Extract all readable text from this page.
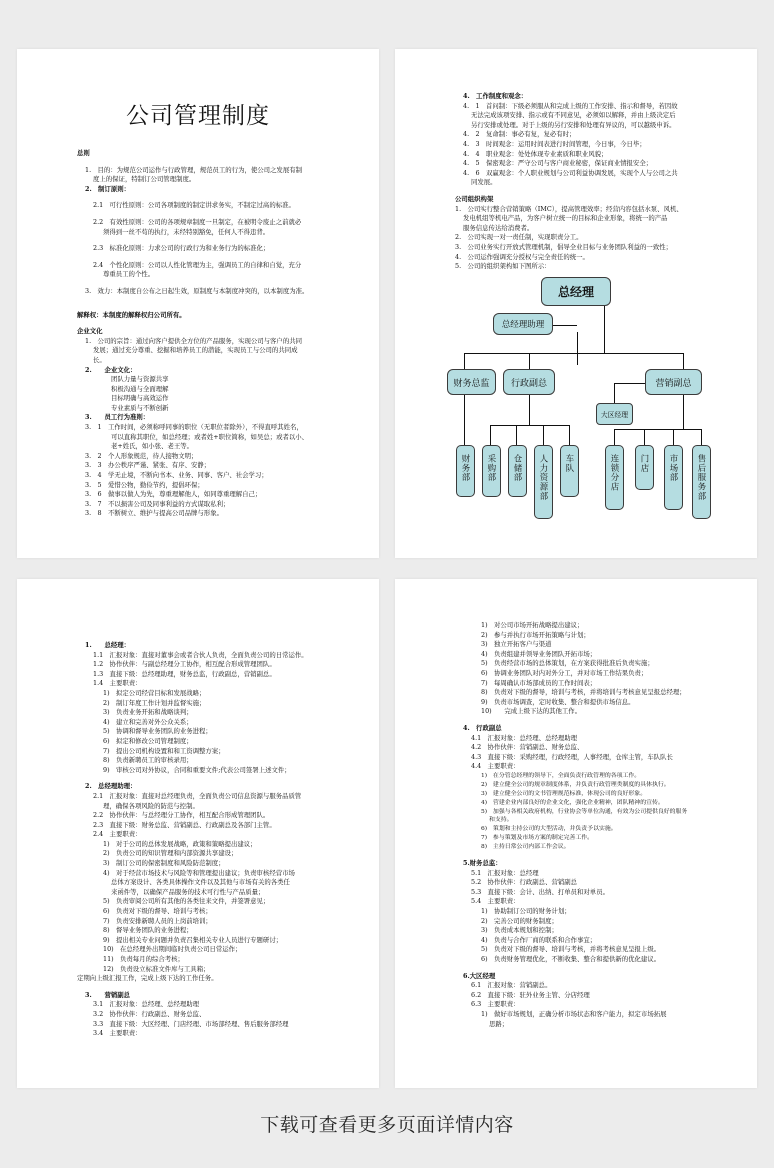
公司管理制度
总则
1.　目的：为规范公司运作与行政管理，规范员工的行为，使公司之发展有制
度上的保证，特制订公司管理制度。
2.　制订原则：
2.1　可行性原则：公司各项制度的制定讲求务实，不制定过高的标准。
2.2　有效性原则：公司的各项规章制度一旦制定，在被明令废止之前就必
须得到一丝不苟的执行，未经特别豁免，任何人不得违背。
2.3　标准化原则：力求公司的行政行为和业务行为的标准化；
2.4　个性化原则：公司以人性化管理为主，强调员工的自律和自觉，充分
尊重员工的个性。
3.　效力：本制度自公布之日起生效，原制度与本制度冲突的，以本制度为准。
解释权：本制度的解释权归公司所有。
企业文化
1.　公司的宗旨：通过向客户提供全方位的产品服务，实现公司与客户的共同
发展；通过充分尊重、挖掘和培养员工的潜能，实现员工与公司的共同成
长。
2.　　企业文化：
团队力量与资源共享
积极沟通与全面理解
目标明确与高效运作
专业素质与不断创新
3.　　员工行为准则：
3.　1　工作时间，必须称呼同事的职位（无职位者除外），不得直呼其姓名，
可以直称其职位，如总经理；或者姓+职位简称，如吴总；或者以小、
老+姓氏，如小张、老王等。
3.　2　个人形象规范，待人接物文明；
3.　3　办公秩序严谨、紧张、有序、安静；
3.　4　学无止境，不断向书本、业务、同事、客户、社会学习；
3.　5　爱惜公物，勤俭节约，提倡环保；
3.　6　做事以做人为先，尊重理解他人，如同尊重理解自己；
3.　7　不以损害公司及同事利益的方式谋取私利；
3.　8　不断树立、维护与提高公司品牌与形象。
4.　工作制度和观念：
4.　1　首问制：下级必须服从和完成上级的工作安排、指示和督导，若因故
无法完成该项安排、指示或有不同意见，必须如以解释，并由上级决定后
另行安排或处理。对于上级的另行安排和处理有异议的，可以越级申诉。
4.　2　复命制：事必有复，复必有时；
4.　3　时间观念：运用时间表进行时间管理，今日事，今日毕；
4.　4　职业观念：处处体现专业素质和职业风貌；
4.　5　保密观念：严守公司与客户商业秘密，保证商业情报安全；
4.　6　双赢观念：个人职业规划与公司利益协调发展，实现个人与公司之共
同发展。
公司组织构架
1.　公司实行整合营销策略（IMC），提高管理效率；经营内容包括水泵、风机、
发电机组等机电产品，为客户树立统一的目标和企业形象，将统一的产品
服务信息传达给消费者。
2.　公司实现一对一责任制，实现职责分工。
3.　公司业务实行开放式管理机制，倡导全业目标与业务团队利益的一致性；
4.　公司运作强调充分授权与完全责任的统一。
5.　公司的组织架构如下图所示：
总经理
总经理助理
财务总监	行政副总	营销副总
大区经理
财务部	采购部	仓储部	人力资源部	车队	连锁分店	门店	市场部	售后服务部
1.　　总经理：
1.1　汇报对象：直接对董事会或者合伙人负责，全面负责公司的日常运作。
1.2　协作伙伴：与副总经理分工协作，相互配合形成管理团队。
1.3　直接下级：总经理助理，财务总监，行政副总，营销副总。
1.4　主要职责：
1)　拟定公司经营目标和发展战略；
2)　制订年度工作计划并监督实施；
3)　负责业务开拓和战略谈判；
4)　建立和完善对外公众关系；
5)　协调和督导业务团队的业务进程；
6)　拟定和修改公司管理制度；
7)　提出公司机构设置和和工资调整方案；
8)　负责新聘员工的审核录用；
9)　审核公司对外协议，合同和重要文件;代表公司签署上述文件；
2.　总经理助理：
2.1　汇报对象：直接对总经理负责，全面负责公司信息资源与服务品质管
理，确保各项风险的防范与控制。
2.2　协作伙伴：与总经理分工协作，相互配合形成管理团队。
2.3　直接下级：财务总监、营销副总、行政副总及各部门主管。
2.4　主要职责：
1)　对于公司的总体发展战略，政策和策略提出建议；
2)　负责公司的知识管理和内部资源共享建设；
3)　制订公司的保密制度和风险防范制度；
4)　对于经营市场技术与风险等和管理提出建议；负责审核经营市场
总体方案设计、各类具体操作文件以及其他与市场有关的各类任
来函件等，以确保产品服务的技术可行性与产品质量；
5)　负责审阅公司所有其他的各类往来文件，并签署意见；
6)　负责对下级的督导、培训与考核；
7)　负责安排新聘人员的上岗前培训；
8)　督导业务团队的业务进程；
9)　提出相关专业问题并负责召集相关专业人员进行专题研讨；
10)　在总经理外出期间临时负责公司日常运作；
11)　负责每月的综合考核；
12)　负责设立标准文件库与工具箱；
定期向上级汇报工作，完成上级下达的工作任务。
3.　　营销副总
3.1　汇报对象：总经理、总经理助理
3.2　协作伙伴：行政副总、财务总监、
3.3　直接下级：大区经理、门店经理、市场部经理、售后服务部经理
3.4　主要职责：
1)　对公司市场开拓战略提出建议；
2)　参与并执行市场开拓策略与计划；
3)　独立开拓客户与渠道
4)　负责组建并领导业务团队开拓市场；
5)　负责经营市场的总体策划，在方案获得批准后负责实施；
6)　协调业务团队对内对外分工，并对市场工作结果负责；
7)　每周确认市场部成员的工作时间表；
8)　负责对下级的督导，培训与考核，并将培训与考核意见呈报总经理；
9)　负责市场调查，定时收集、整合和提供市场信息。
10)　　完成上级下达的其他工作。
4.　行政副总
4.1　汇报对象：总经理、总经理助理
4.2　协作伙伴：营销副总、财务总监、
4.3　直接下级：采购经理，行政经理，人事经理，仓库主管，车队队长
4.4　主要职责：
1)　在分管总经理的领导下，全面负责行政管理的各项工作。
2)　建立健全公司的规章制度体系，并负责行政管理类制度的具体执行。
3)　建立健全公司的文书管理规范标准，体现公司的良好形象。
4)　营建企业内部良好的企业文化，强化企业精神，团队精神的宣传。
5)　加强与各相关政府机构，行业协会等单位沟通，有效为公司提供良好的服务
和支持。
6)　策划和主持公司的大型活动，并负责予以实施。
7)　参与策划及市场方案的制定完善工作。
8)　主持日常公司内部工作会议。
5.财务总监：
5.1　汇报对象：总经理
5.2　协作伙伴：行政副总、营销副总
5.3　直接下级：会计、出纳、打单员和对单员。
5.4　主要职责：
1)　协助制订公司的财务计划；
2)　完善公司的财务制度；
3)　负责成本规划和控制；
4)　负责与合作厂商的联系和合作事宜；
5)　负责对下级的督导、培训与考核，并将考核意见呈报上级。
6)　负责财务管理优化，不断收集、整合和提供新的优化建议。
6.大区经理
6.1　汇报对象：营销副总。
6.2　直接下级：驻外业务主管、分店经理
6.3　主要职责：
1)　做好市场规划，正确分析市场状态和客户能力，拟定市场拓展
思路；
下载可查看更多页面详情内容
